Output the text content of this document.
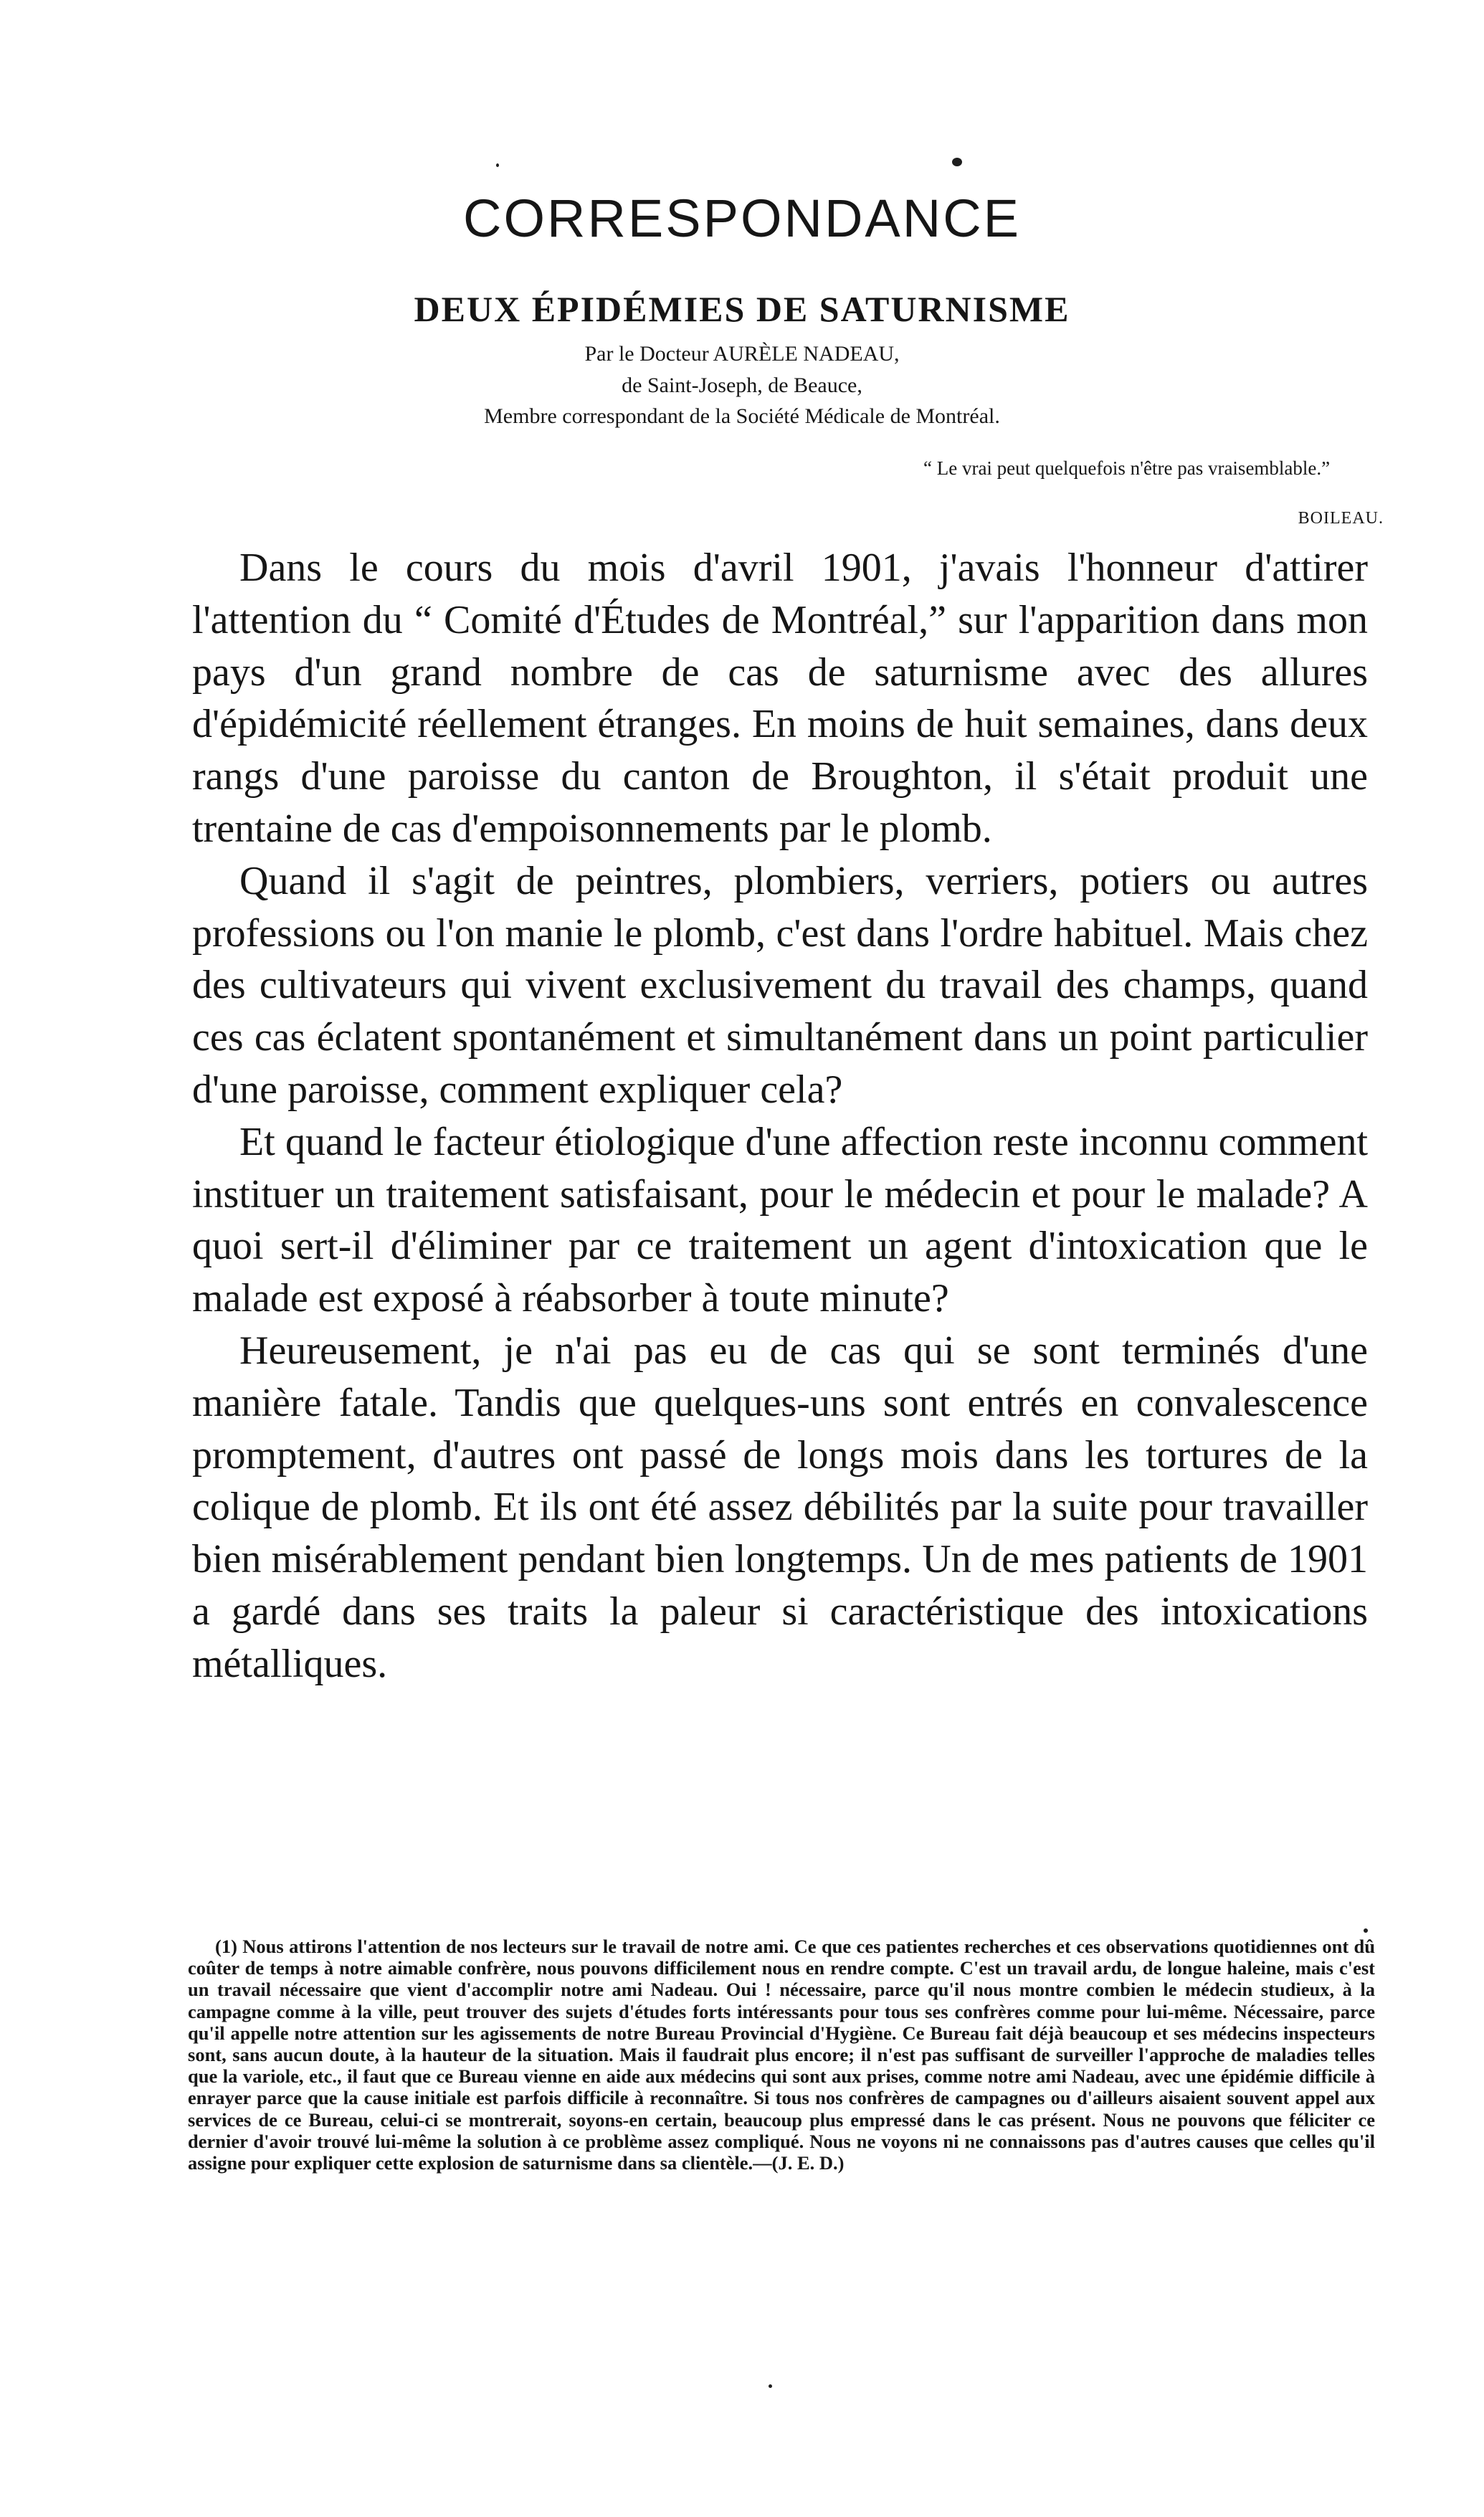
CORRESPONDANCE
DEUX ÉPIDÉMIES DE SATURNISME
Par le Docteur AURÈLE NADEAU,
de Saint-Joseph, de Beauce,
Membre correspondant de la Société Médicale de Montréal.
“ Le vrai peut quelquefois n'être pas vraisemblable.”
BOILEAU.

Dans le cours du mois d'avril 1901, j'avais l'honneur d'attirer l'attention du “ Comité d'Études de Montréal,” sur l'apparition dans mon pays d'un grand nombre de cas de saturnisme avec des allures d'épidémicité réellement étranges. En moins de huit semaines, dans deux rangs d'une paroisse du canton de Broughton, il s'était produit une trentaine de cas d'empoisonnements par le plomb.

Quand il s'agit de peintres, plombiers, verriers, potiers ou autres professions ou l'on manie le plomb, c'est dans l'ordre habituel. Mais chez des cultivateurs qui vivent exclusivement du travail des champs, quand ces cas éclatent spontanément et simultanément dans un point particulier d'une paroisse, comment expliquer cela?

Et quand le facteur étiologique d'une affection reste inconnu comment instituer un traitement satisfaisant, pour le médecin et pour le malade? A quoi sert-il d'éliminer par ce traitement un agent d'intoxication que le malade est exposé à réabsorber à toute minute?

Heureusement, je n'ai pas eu de cas qui se sont terminés d'une manière fatale. Tandis que quelques-uns sont entrés en convalescence promptement, d'autres ont passé de longs mois dans les tortures de la colique de plomb. Et ils ont été assez débilités par la suite pour travailler bien misérablement pendant bien longtemps. Un de mes patients de 1901 a gardé dans ses traits la paleur si caractéristique des intoxications métalliques.

(1) Nous attirons l'attention de nos lecteurs sur le travail de notre ami. Ce que ces patientes recherches et ces observations quotidiennes ont dû coûter de temps à notre aimable confrère, nous pouvons difficilement nous en rendre compte. C'est un travail ardu, de longue haleine, mais c'est un travail nécessaire que vient d'accomplir notre ami Nadeau. Oui ! nécessaire, parce qu'il nous montre combien le médecin studieux, à la campagne comme à la ville, peut trouver des sujets d'études forts intéressants pour tous ses confrères comme pour lui-même. Nécessaire, parce qu'il appelle notre attention sur les agissements de notre Bureau Provincial d'Hygiène. Ce Bureau fait déjà beaucoup et ses médecins inspecteurs sont, sans aucun doute, à la hauteur de la situation. Mais il faudrait plus encore; il n'est pas suffisant de surveiller l'approche de maladies telles que la variole, etc., il faut que ce Bureau vienne en aide aux médecins qui sont aux prises, comme notre ami Nadeau, avec une épidémie difficile à enrayer parce que la cause initiale est parfois difficile à reconnaître. Si tous nos confrères de campagnes ou d'ailleurs aisaient souvent appel aux services de ce Bureau, celui-ci se montrerait, soyons-en certain, beaucoup plus empressé dans le cas présent. Nous ne pouvons que féliciter ce dernier d'avoir trouvé lui-même la solution à ce problème assez compliqué. Nous ne voyons ni ne connaissons pas d'autres causes que celles qu'il assigne pour expliquer cette explosion de saturnisme dans sa clientèle.—(J. E. D.)
